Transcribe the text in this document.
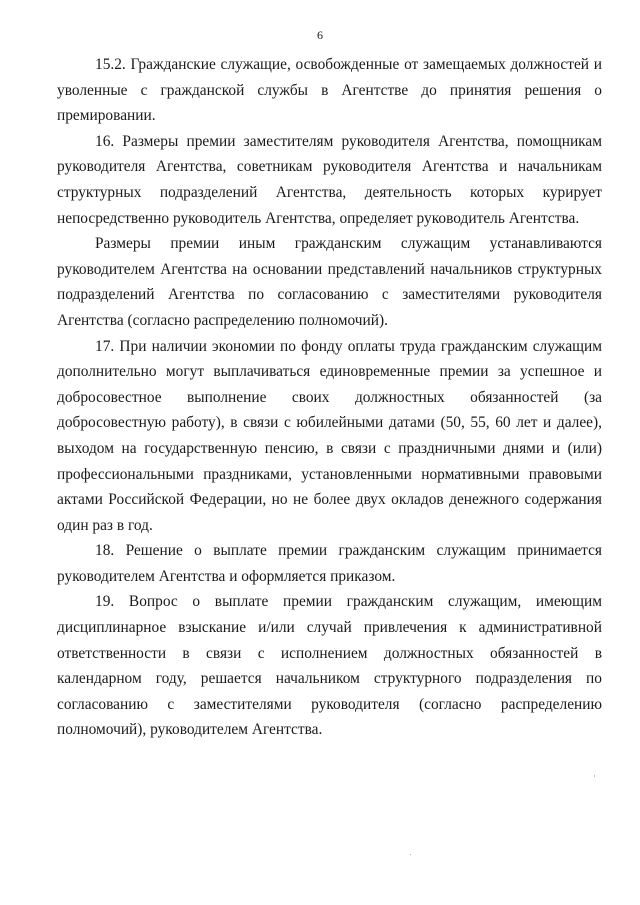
6

15.2. Гражданские служащие, освобожденные от замещаемых должностей и уволенные с гражданской службы в Агентстве до принятия решения о премировании.

16. Размеры премии заместителям руководителя Агентства, помощникам руководителя Агентства, советникам руководителя Агентства и начальникам структурных подразделений Агентства, деятельность которых курирует непосредственно руководитель Агентства, определяет руководитель Агентства.

Размеры премии иным гражданским служащим устанавливаются руководителем Агентства на основании представлений начальников структурных подразделений Агентства по согласованию с заместителями руководителя Агентства (согласно распределению полномочий).

17. При наличии экономии по фонду оплаты труда гражданским служащим дополнительно могут выплачиваться единовременные премии за успешное и добросовестное выполнение своих должностных обязанностей (за добросовестную работу), в связи с юбилейными датами (50, 55, 60 лет и далее), выходом на государственную пенсию, в связи с праздничными днями и (или) профессиональными праздниками, установленными нормативными правовыми актами Российской Федерации, но не более двух окладов денежного содержания один раз в год.

18. Решение о выплате премии гражданским служащим принимается руководителем Агентства и оформляется приказом.

19. Вопрос о выплате премии гражданским служащим, имеющим дисциплинарное взыскание и/или случай привлечения к административной ответственности в связи с исполнением должностных обязанностей в календарном году, решается начальником структурного подразделения по согласованию с заместителями руководителя (согласно распределению полномочий), руководителем Агентства.
